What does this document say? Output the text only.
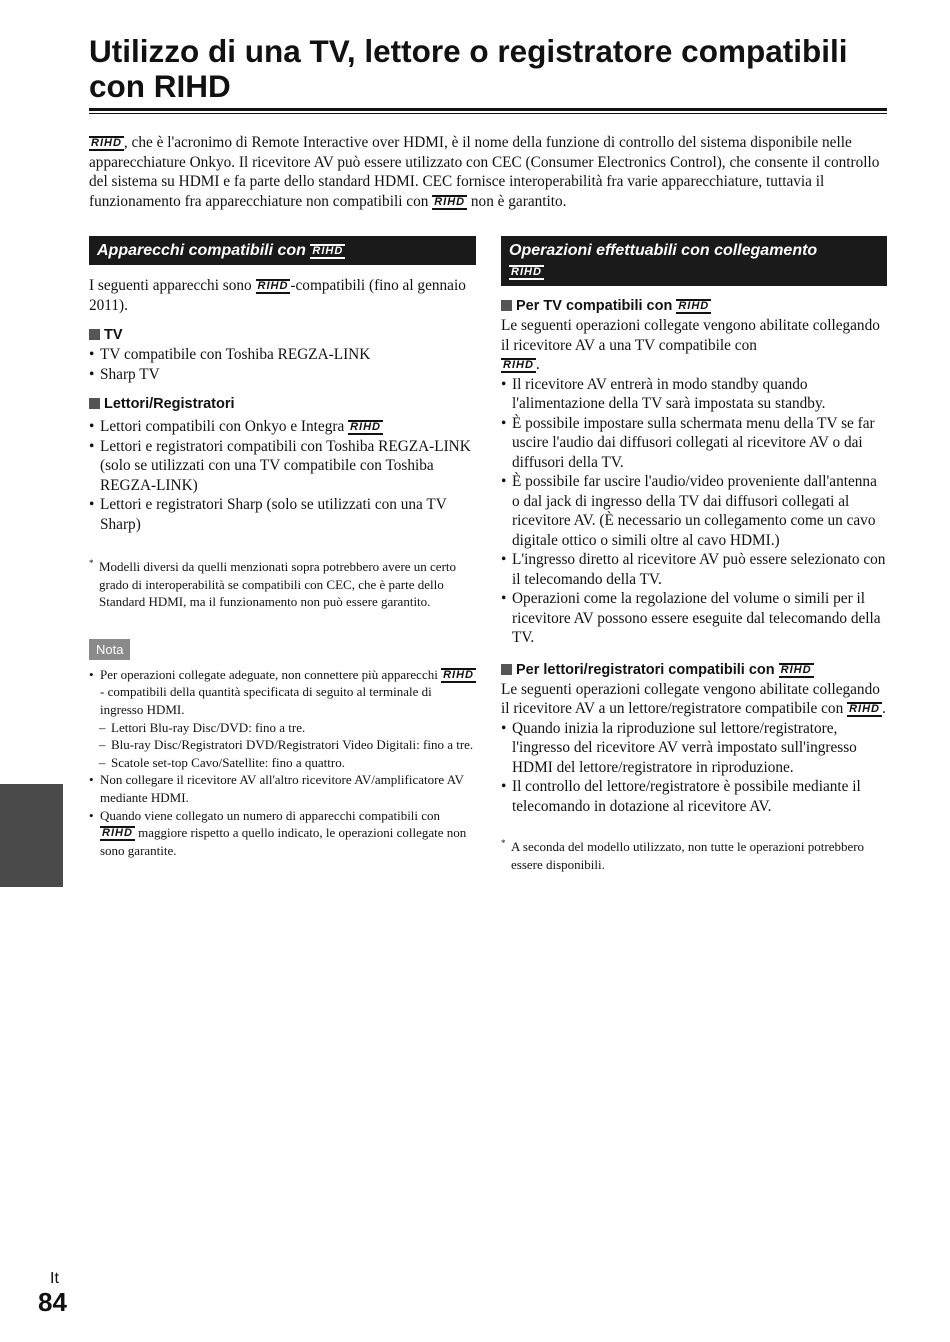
Utilizzo di una TV, lettore o registratore compatibili con RIHD

RIHD , che è l'acronimo di Remote Interactive over HDMI, è il nome della funzione di controllo del sistema disponibile nelle apparecchiature Onkyo. Il ricevitore AV può essere utilizzato con CEC (Consumer Electronics Control), che consente il controllo del sistema su HDMI e fa parte dello standard HDMI. CEC fornisce interoperabilità fra varie apparecchiature, tuttavia il funzionamento fra apparecchiature non compatibili con RIHD non è garantito.

Apparecchi compatibili con RIHD

I seguenti apparecchi sono RIHD -compatibili (fino al gennaio 2011).

TV
• TV compatibile con Toshiba REGZA-LINK
• Sharp TV
Lettori/Registratori
• Lettori compatibili con Onkyo e Integra RIHD
• Lettori e registratori compatibili con Toshiba REGZA-LINK (solo se utilizzati con una TV compatibile con Toshiba REGZA-LINK)
• Lettori e registratori Sharp (solo se utilizzati con una TV Sharp)
* Modelli diversi da quelli menzionati sopra potrebbero avere un certo grado di interoperabilità se compatibili con CEC, che è parte dello Standard HDMI, ma il funzionamento non può essere garantito.
Nota
• Per operazioni collegate adeguate, non connettere più apparecchi RIHD- compatibili della quantità specificata di seguito al terminale di ingresso HDMI.
– Lettori Blu-ray Disc/DVD: fino a tre.
– Blu-ray Disc/Registratori DVD/Registratori Video Digitali: fino a tre.
– Scatole set-top Cavo/Satellite: fino a quattro.
• Non collegare il ricevitore AV all'altro ricevitore AV/amplificatore AV mediante HDMI.
• Quando viene collegato un numero di apparecchi compatibili con RIHD maggiore rispetto a quello indicato, le operazioni collegate non sono garantite.
Operazioni effettuabili con collegamento
RIHD
Per TV compatibili con RIHD

Le seguenti operazioni collegate vengono abilitate collegando il ricevitore AV a una TV compatibile con
RIHD .

• Il ricevitore AV entrerà in modo standby quando l'alimentazione della TV sarà impostata su standby.
• È possibile impostare sulla schermata menu della TV se far uscire l'audio dai diffusori collegati al ricevitore AV o dai diffusori della TV.
• È possibile far uscire l'audio/video proveniente dall'antenna o dal jack di ingresso della TV dai diffusori collegati al ricevitore AV. (È necessario un collegamento come un cavo digitale ottico o simili oltre al cavo HDMI.)
• L'ingresso diretto al ricevitore AV può essere selezionato con il telecomando della TV.
• Operazioni come la regolazione del volume o simili per il ricevitore AV possono essere eseguite dal telecomando della TV.
Per lettori/registratori compatibili con RIHD

Le seguenti operazioni collegate vengono abilitate collegando il ricevitore AV a un lettore/registratore compatibile con RIHD .

• Quando inizia la riproduzione sul lettore/registratore, l'ingresso del ricevitore AV verrà impostato sull'ingresso HDMI del lettore/registratore in riproduzione.
• Il controllo del lettore/registratore è possibile mediante il telecomando in dotazione al ricevitore AV.
* A seconda del modello utilizzato, non tutte le operazioni potrebbero essere disponibili.
It
84
